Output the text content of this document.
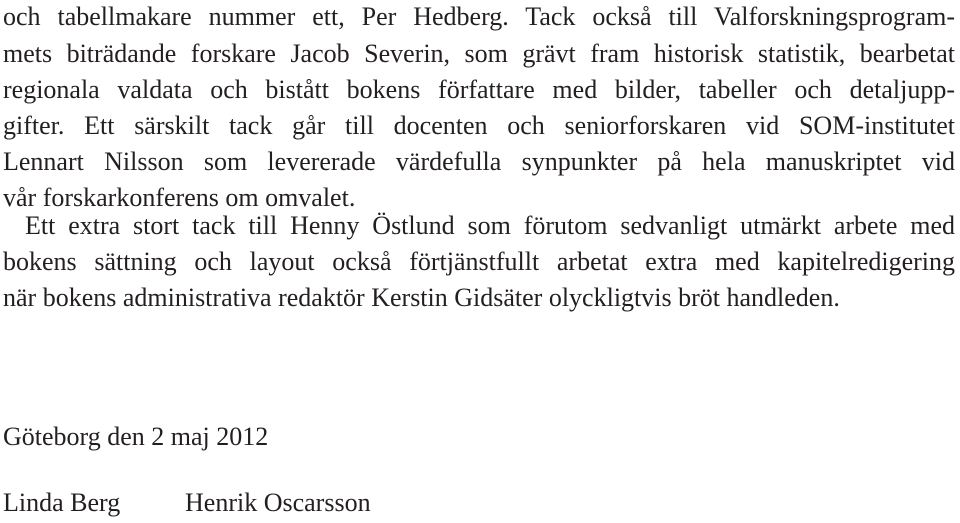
och tabellmakare nummer ett, Per Hedberg. Tack också till Valforskningsprogram-
mets biträdande forskare Jacob Severin, som grävt fram historisk statistik, bearbetat
regionala valdata och bistått bokens författare med bilder, tabeller och detaljupp-
gifter. Ett särskilt tack går till docenten och seniorforskaren vid SOM-institutet
Lennart Nilsson som levererade värdefulla synpunkter på hela manuskriptet vid
vår forskarkonferens om omvalet.
Ett extra stort tack till Henny Östlund som förutom sedvanligt utmärkt arbete med
bokens sättning och layout också förtjänstfullt arbetat extra med kapitelredigering
när bokens administrativa redaktör Kerstin Gidsäter olyckligtvis bröt handleden.
Göteborg den 2 maj 2012
Linda Berg Henrik Oscarsson
